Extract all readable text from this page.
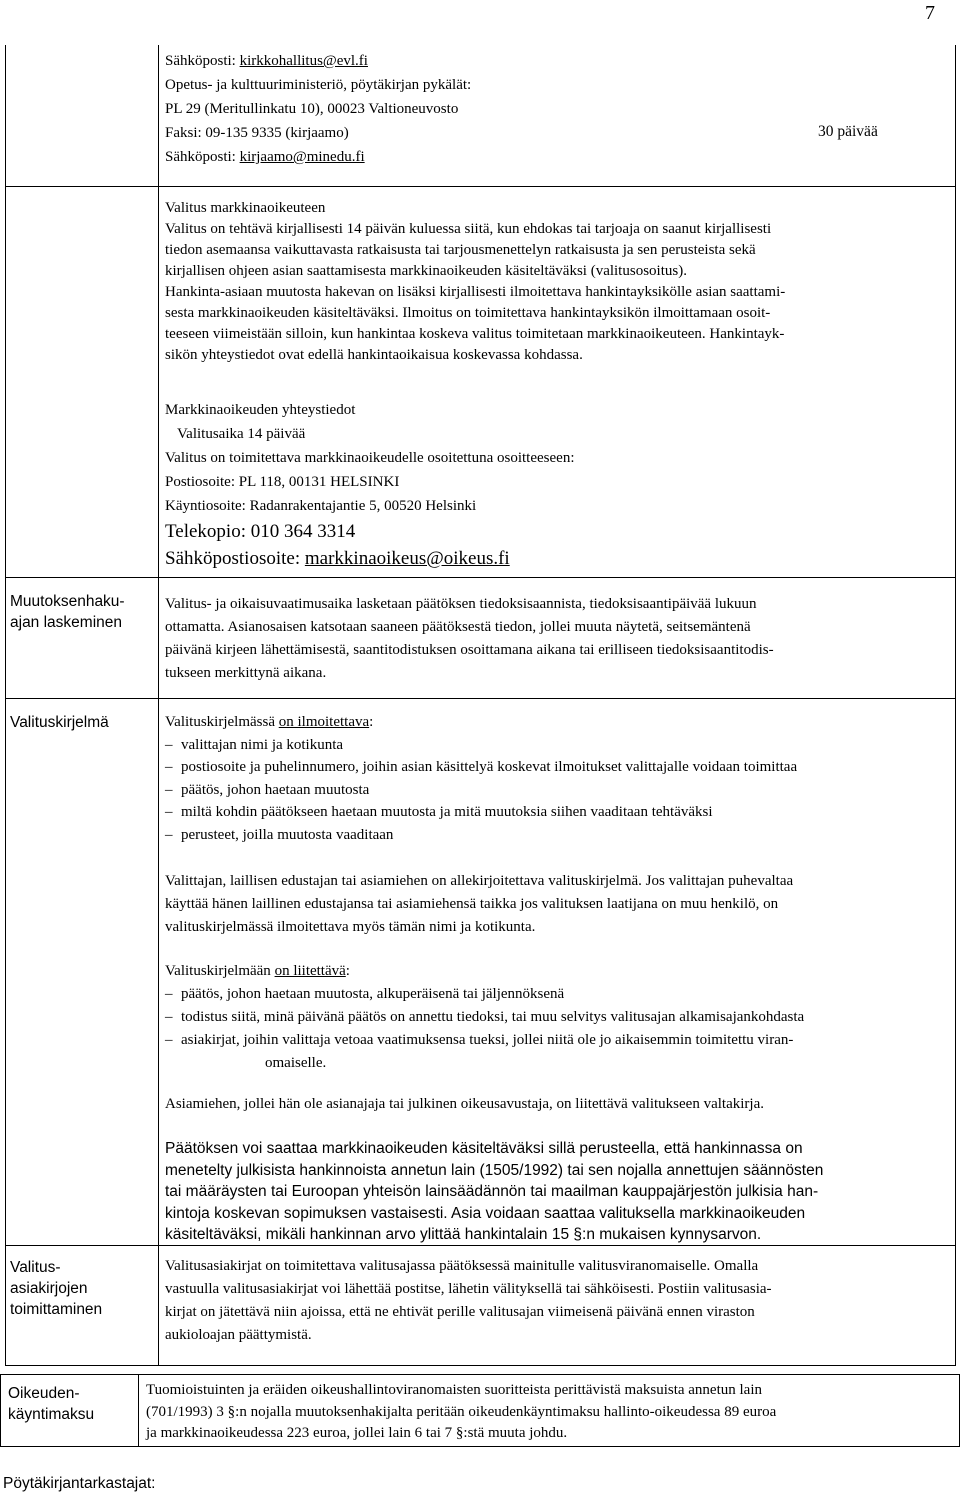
7
Sähköposti: kirkkohallitus@evl.fi
Opetus- ja kulttuuriministeriö, pöytäkirjan pykälät:
PL 29 (Meritullinkatu 10), 00023 Valtioneuvosto
Faksi: 09-135 9335 (kirjaamo)
Sähköposti: kirjaamo@minedu.fi
30 päivää
Valitus markkinaoikeuteen
Valitus on tehtävä kirjallisesti 14 päivän kuluessa siitä, kun ehdokas tai tarjoaja on saanut kirjallisesti
tiedon asemaansa vaikuttavasta ratkaisusta tai tarjousmenettelyn ratkaisusta ja sen perusteista sekä
kirjallisen ohjeen asian saattamisesta markkinaoikeuden käsiteltäväksi (valitusosoitus).
Hankinta-asiaan muutosta hakevan on lisäksi kirjallisesti ilmoitettava hankintayksikölle asian saattami-
sesta markkinaoikeuden käsiteltäväksi. Ilmoitus on toimitettava hankintayksikön ilmoittamaan osoit-
teeseen viimeistään silloin, kun hankintaa koskeva valitus toimitetaan markkinaoikeuteen. Hankintayk-
sikön yhteystiedot ovat edellä hankintaoikaisua koskevassa kohdassa.
Markkinaoikeuden yhteystiedot
Valitusaika 14 päivää
Valitus on toimitettava markkinaoikeudelle osoitettuna osoitteeseen:
Postiosoite: PL 118, 00131 HELSINKI
Käyntiosoite: Radanrakentajantie 5, 00520 Helsinki
Telekopio: 010 364 3314
Sähköpostiosoite: markkinaoikeus@oikeus.fi
Muutoksenhaku-
ajan laskeminen
Valitus- ja oikaisuvaatimusaika lasketaan päätöksen tiedoksisaannista, tiedoksisaantipäivää lukuun
ottamatta. Asianosaisen katsotaan saaneen päätöksestä tiedon, jollei muuta näytetä, seitsemäntenä
päivänä kirjeen lähettämisestä, saantitodistuksen osoittamana aikana tai erilliseen tiedoksisaantitodis-
tukseen merkittynä aikana.
Valituskirjelmä	Valituskirjelmässä on ilmoitettava:
– valittajan nimi ja kotikunta
– postiosoite ja puhelinnumero, joihin asian käsittelyä koskevat ilmoitukset valittajalle voidaan toimittaa
– päätös, johon haetaan muutosta
– miltä kohdin päätökseen haetaan muutosta ja mitä muutoksia siihen vaaditaan tehtäväksi
– perusteet, joilla muutosta vaaditaan
Valittajan, laillisen edustajan tai asiamiehen on allekirjoitettava valituskirjelmä. Jos valittajan puhevaltaa
käyttää hänen laillinen edustajansa tai asiamiehensä taikka jos valituksen laatijana on muu henkilö, on
valituskirjelmässä ilmoitettava myös tämän nimi ja kotikunta.
Valituskirjelmään on liitettävä:
– päätös, johon haetaan muutosta, alkuperäisenä tai jäljennöksenä
– todistus siitä, minä päivänä päätös on annettu tiedoksi, tai muu selvitys valitusajan alkamisajankohdasta
– asiakirjat, joihin valittaja vetoaa vaatimuksensa tueksi, jollei niitä ole jo aikaisemmin toimitettu viran-
omaiselle.
Asiamiehen, jollei hän ole asianajaja tai julkinen oikeusavustaja, on liitettävä valitukseen valtakirja.
Päätöksen voi saattaa markkinaoikeuden käsiteltäväksi sillä perusteella, että hankinnassa on
menetelty julkisista hankinnoista annetun lain (1505/1992) tai sen nojalla annettujen säännösten
tai määräysten tai Euroopan yhteisön lainsäädännön tai maailman kauppajärjestön julkisia han-
kintoja koskevan sopimuksen vastaisesti. Asia voidaan saattaa valituksella markkinaoikeuden
käsiteltäväksi, mikäli hankinnan arvo ylittää hankintalain 15 §:n mukaisen kynnysarvon.
Valitus-
asiakirjojen
toimittaminen
Valitusasiakirjat on toimitettava valitusajassa päätöksessä mainitulle valitusviranomaiselle. Omalla
vastuulla valitusasiakirjat voi lähettää postitse, lähetin välityksellä tai sähköisesti. Postiin valitusasia-
kirjat on jätettävä niin ajoissa, että ne ehtivät perille valitusajan viimeisenä päivänä ennen viraston
aukioloajan päättymistä.
Oikeuden-
käyntimaksu
Tuomioistuinten ja eräiden oikeushallintoviranomaisten suoritteista perittävistä maksuista annetun lain
(701/1993) 3 §:n nojalla muutoksenhakijalta peritään oikeudenkäyntimaksu hallinto-oikeudessa 89 euroa
ja markkinaoikeudessa 223 euroa, jollei lain 6 tai 7 §:stä muuta johdu.
Pöytäkirjantarkastajat:
